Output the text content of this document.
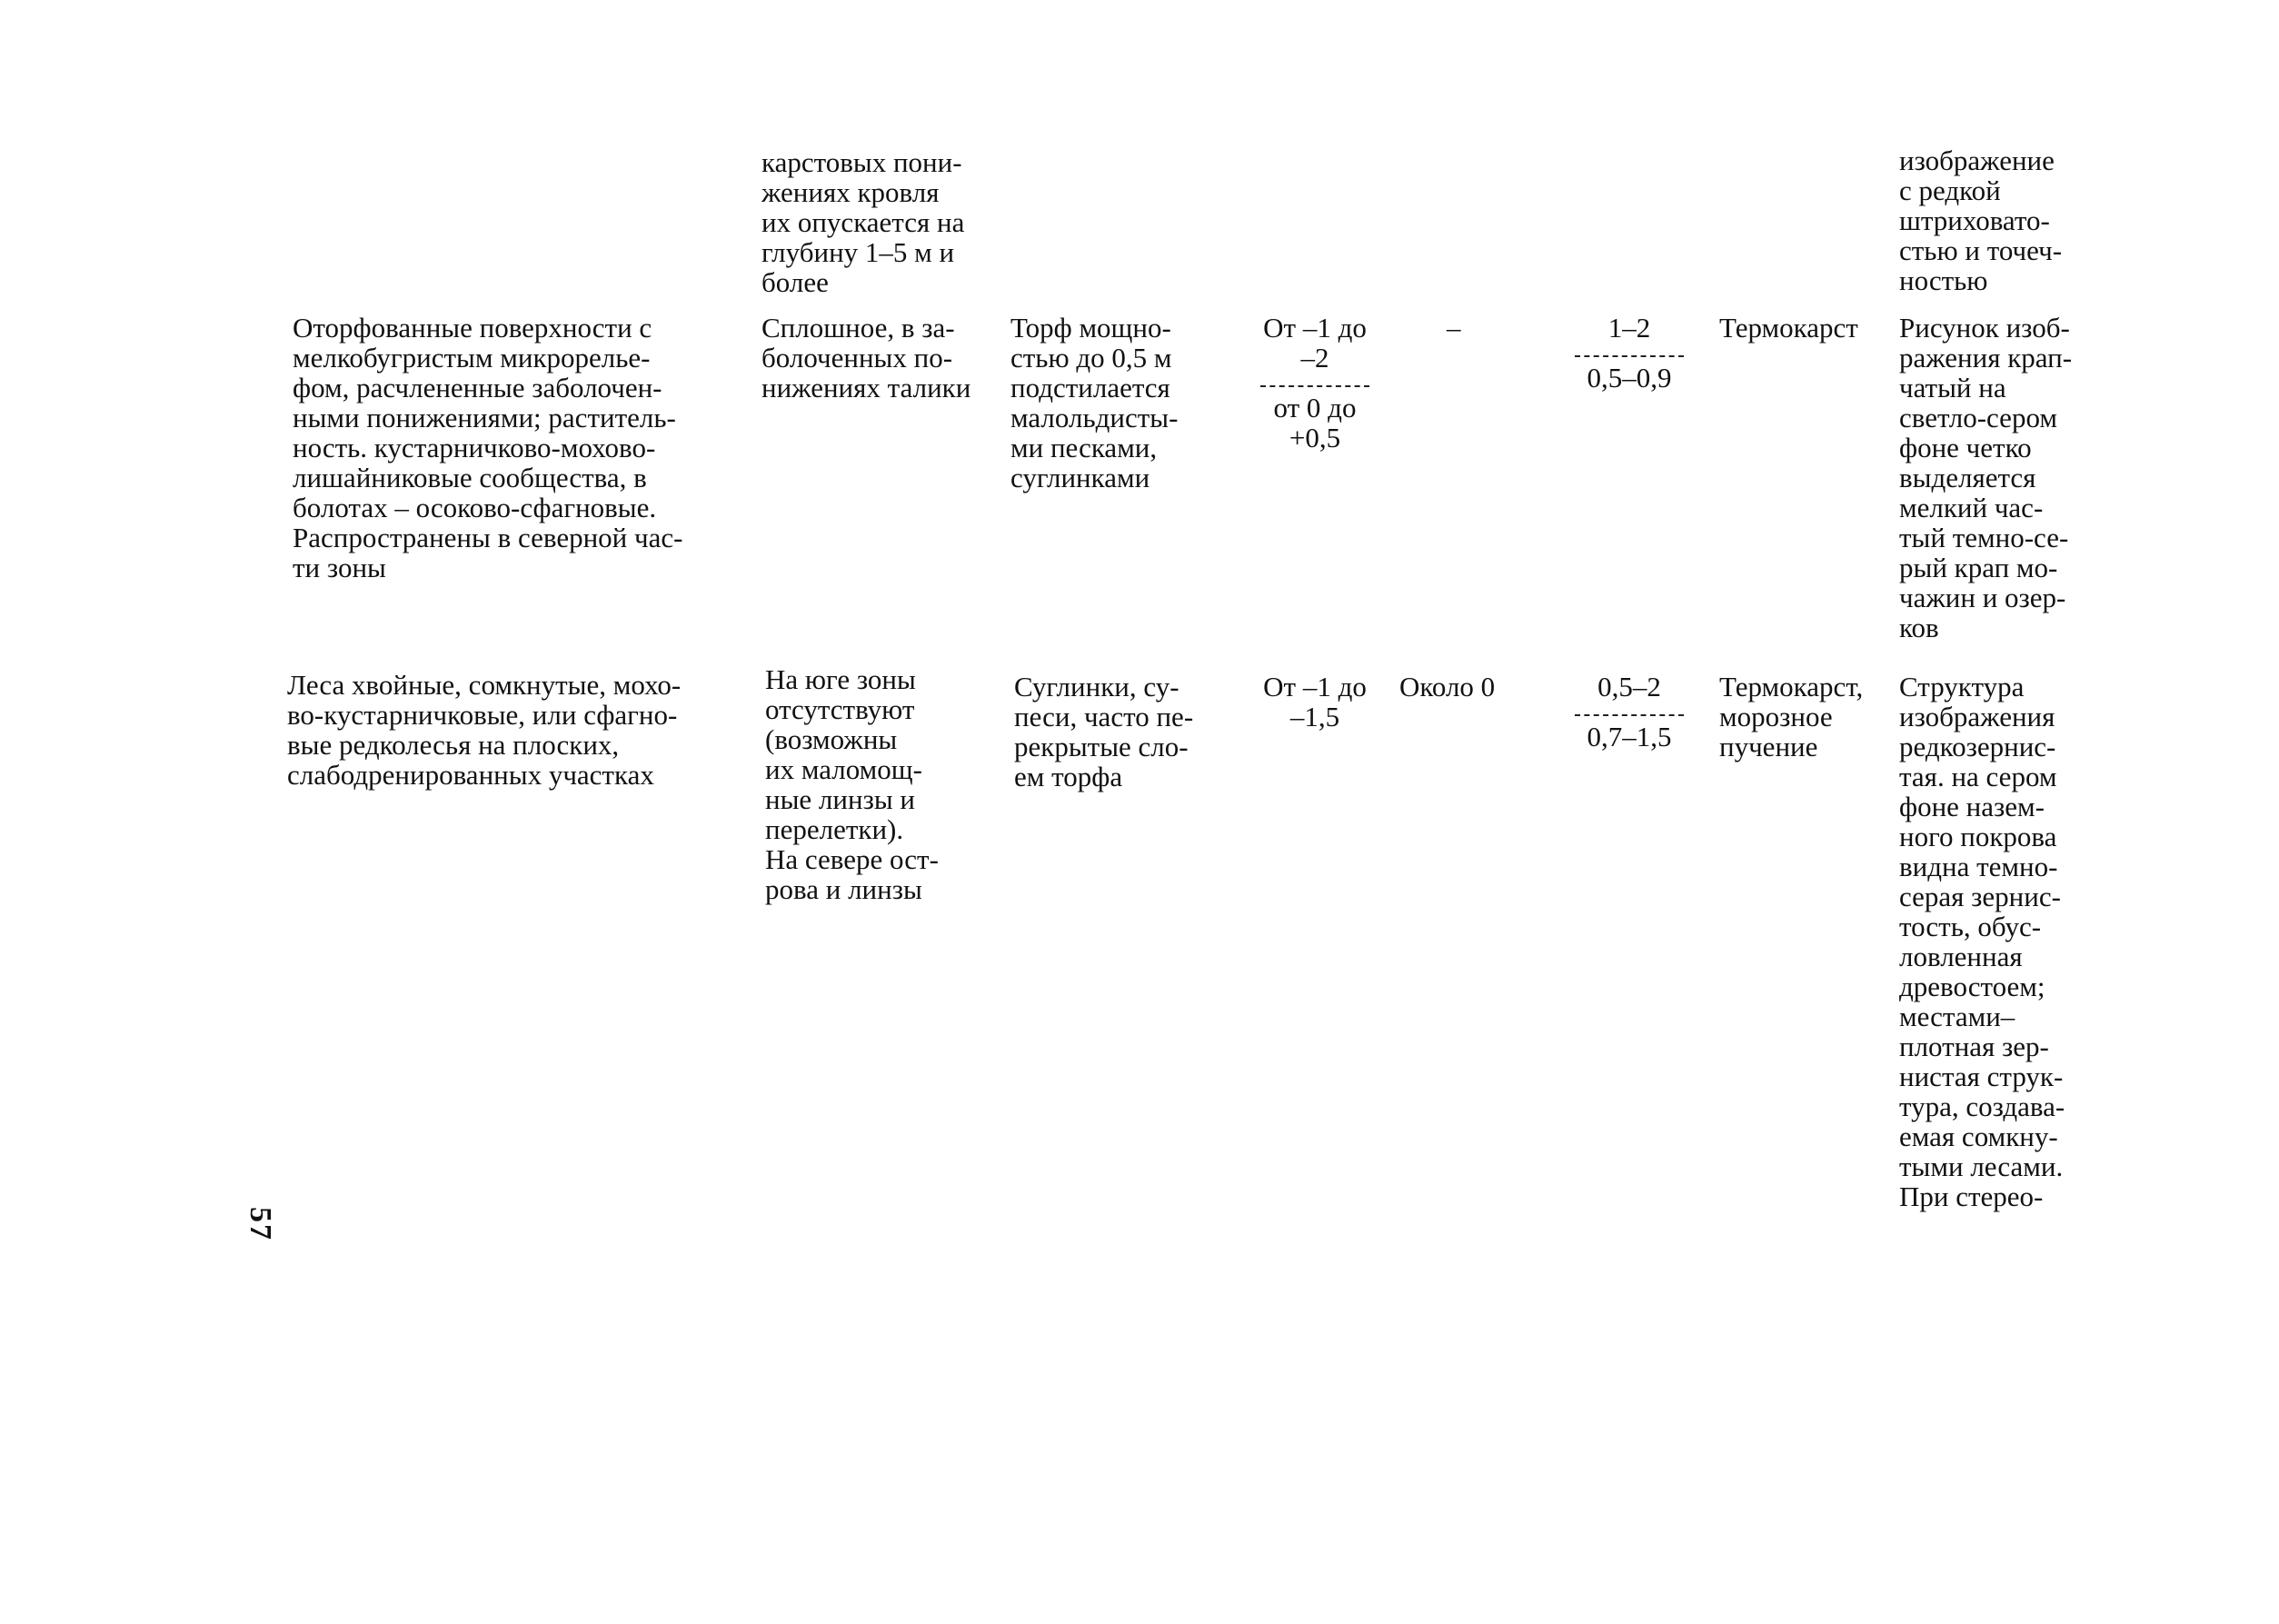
карстовых пони-
жениях кровля
их опускается на
глубину 1–5 м и
более
изображение
с редкой
штриховато-
стью и точеч-
ностью
Оторфованные поверхности с
мелкобугристым микрорелье-
фом, расчлененные заболочен-
ными понижениями; раститель-
ность. кустарничково-мохово-
лишайниковые сообщества, в
болотах – осоково-сфагновые.
Распространены в северной час-
ти зоны
Сплошное, в за-
болоченных по-
нижениях талики
Торф мощно-
стью до 0,5 м
подстилается
малольдисты-
ми песками,
суглинками
От –1 до
–2
от 0 до
+0,5
–	1–2
0,5–0,9
Термокарст Рисунок изоб-
ражения крап-
чатый на
светло-сером
фоне четко
выделяется
мелкий час-
тый темно-се-
рый крап мо-
чажин и озер-
ков
Леса хвойные, сомкнутые, мохо-
во-кустарничковые, или сфагно-
вые редколесья на плоских,
слабодренированных участках
На юге зоны
отсутствуют
(возможны
их маломощ-
ные линзы и
перелетки).
На севере ост-
рова и линзы
Суглинки, су-
песи, часто пе-
рекрытые сло-
ем торфа
От –1 до
–1,5
Около 0	0,5–2
0,7–1,5
Термокарст,
морозное
пучение
Структура
изображения
редкозернис-
тая. на сером
фоне назем-
ного покрова
видна темно-
серая зернис-
тость, обус-
ловленная
древостоем;
местами–
плотная зер-
нистая струк-
тура, создава-
емая сомкну-
тыми лесами.
При стерео-
57
